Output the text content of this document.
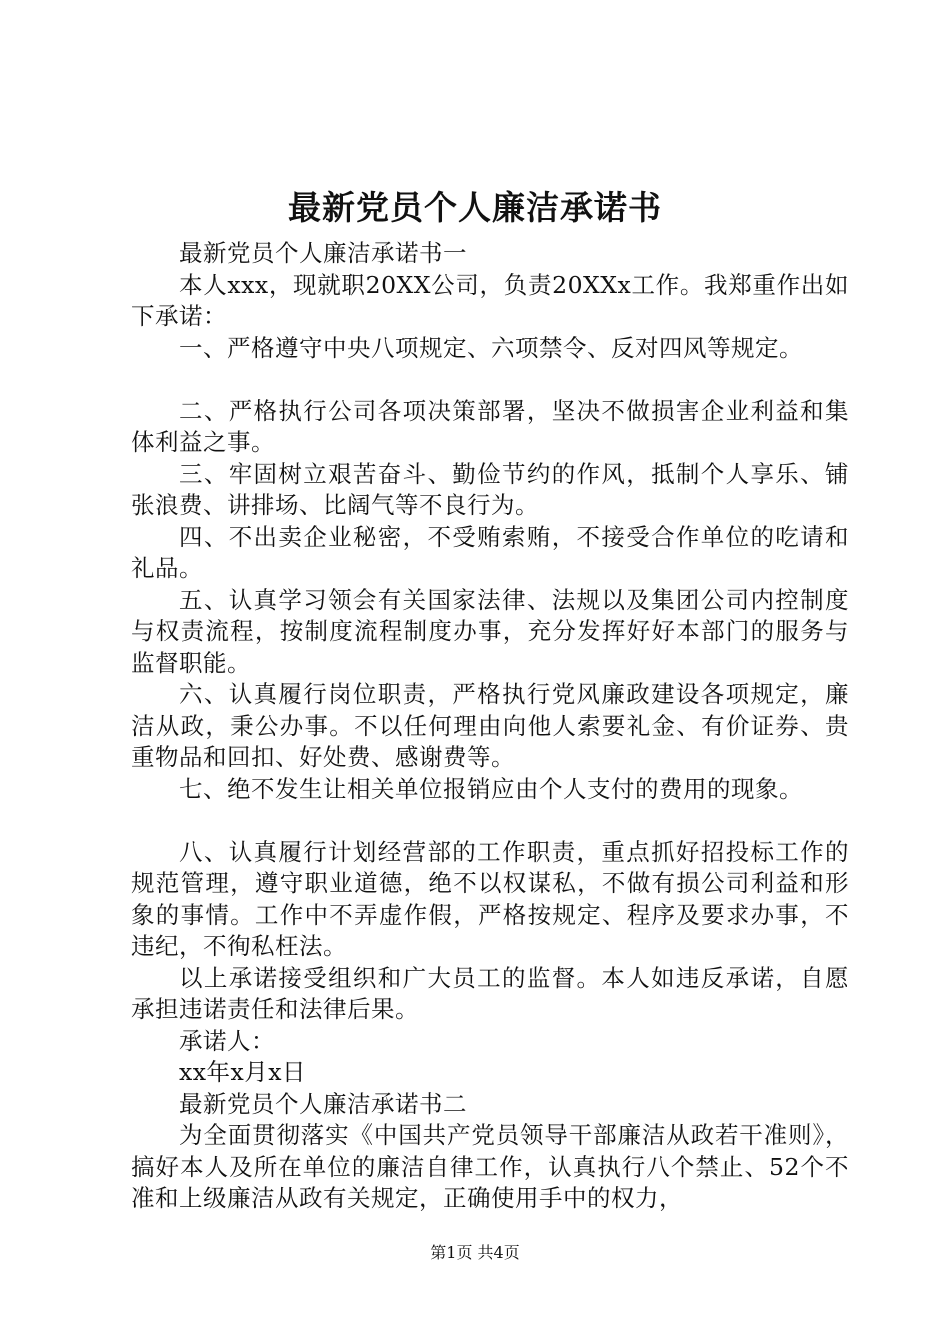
最新党员个人廉洁承诺书

最新党员个人廉洁承诺书一

本人xxx，现就职20XX公司，负责20XXx工作。我郑重作出如下承诺：

一、严格遵守中央八项规定、六项禁令、反对四风等规定。

二、严格执行公司各项决策部署，坚决不做损害企业利益和集体利益之事。

三、牢固树立艰苦奋斗、勤俭节约的作风，抵制个人享乐、铺张浪费、讲排场、比阔气等不良行为。

四、不出卖企业秘密，不受贿索贿，不接受合作单位的吃请和礼品。

五、认真学习领会有关国家法律、法规以及集团公司内控制度与权责流程，按制度流程制度办事，充分发挥好好本部门的服务与监督职能。

六、认真履行岗位职责，严格执行党风廉政建设各项规定，廉洁从政，秉公办事。不以任何理由向他人索要礼金、有价证券、贵重物品和回扣、好处费、感谢费等。

七、绝不发生让相关单位报销应由个人支付的费用的现象。

八、认真履行计划经营部的工作职责，重点抓好招投标工作的规范管理，遵守职业道德，绝不以权谋私，不做有损公司利益和形象的事情。工作中不弄虚作假，严格按规定、程序及要求办事，不违纪，不徇私枉法。

以上承诺接受组织和广大员工的监督。本人如违反承诺，自愿承担违诺责任和法律后果。

承诺人：

xx年x月x日

最新党员个人廉洁承诺书二

为全面贯彻落实《中国共产党员领导干部廉洁从政若干准则》，搞好本人及所在单位的廉洁自律工作，认真执行八个禁止、52个不准和上级廉洁从政有关规定，正确使用手中的权力，

第1页 共4页
